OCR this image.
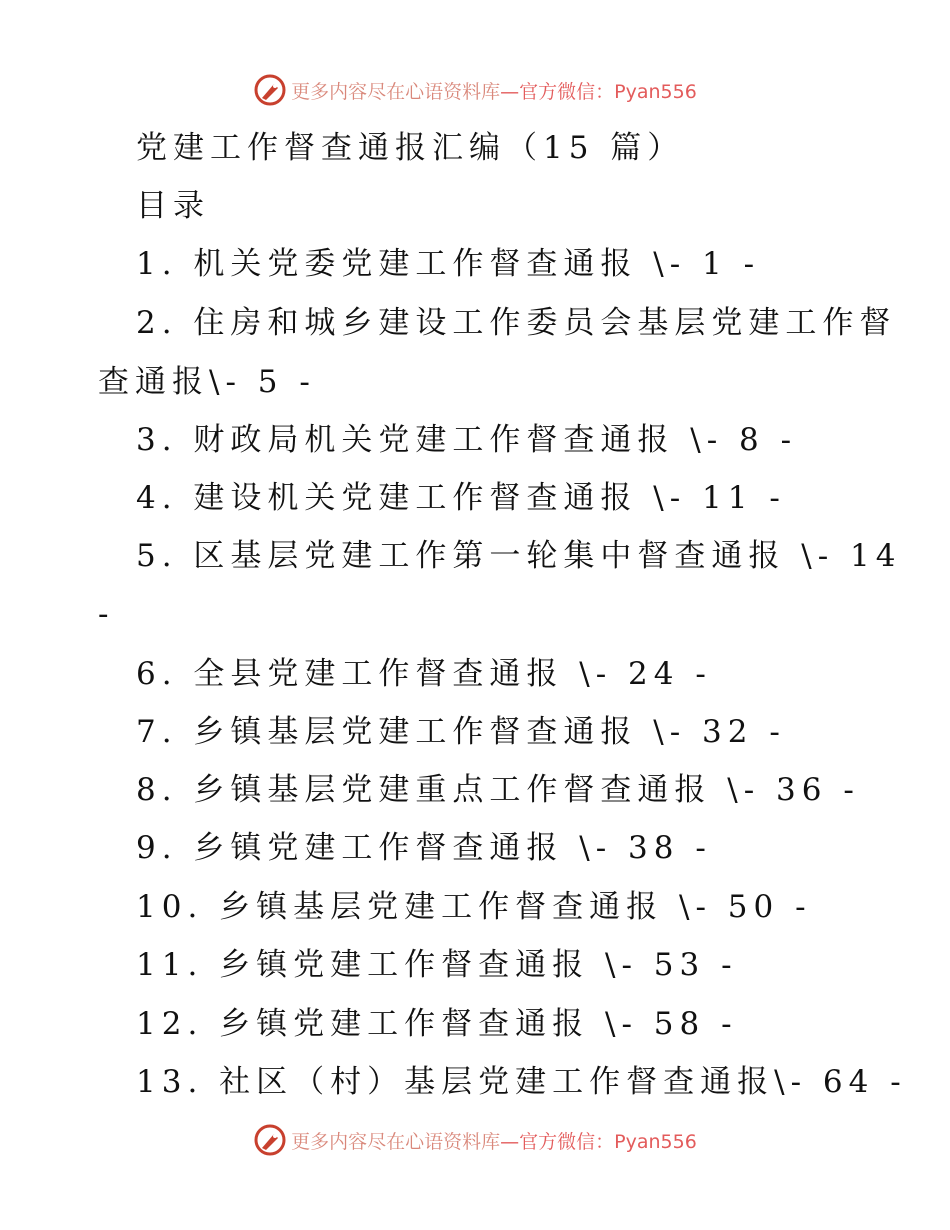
更多内容尽在心语资料库 —官方微信：Pyan556
党建工作督查通报汇编（15 篇）
目录
1. 机关党委党建工作督查通报 \- 1 -
2. 住房和城乡建设工作委员会基层党建工作督
查通报\- 5 -
3. 财政局机关党建工作督查通报 \- 8 -
4. 建设机关党建工作督查通报 \- 11 -
5. 区基层党建工作第一轮集中督查通报 \- 14
-
6. 全县党建工作督查通报 \- 24 -
7. 乡镇基层党建工作督查通报 \- 32 -
8. 乡镇基层党建重点工作督查通报 \- 36 -
9. 乡镇党建工作督查通报 \- 38 -
10. 乡镇基层党建工作督查通报 \- 50 -
11. 乡镇党建工作督查通报 \- 53 -
12. 乡镇党建工作督查通报 \- 58 -
13. 社区（村）基层党建工作督查通报\- 64 -
更多内容尽在心语资料库 —官方微信：Pyan556
